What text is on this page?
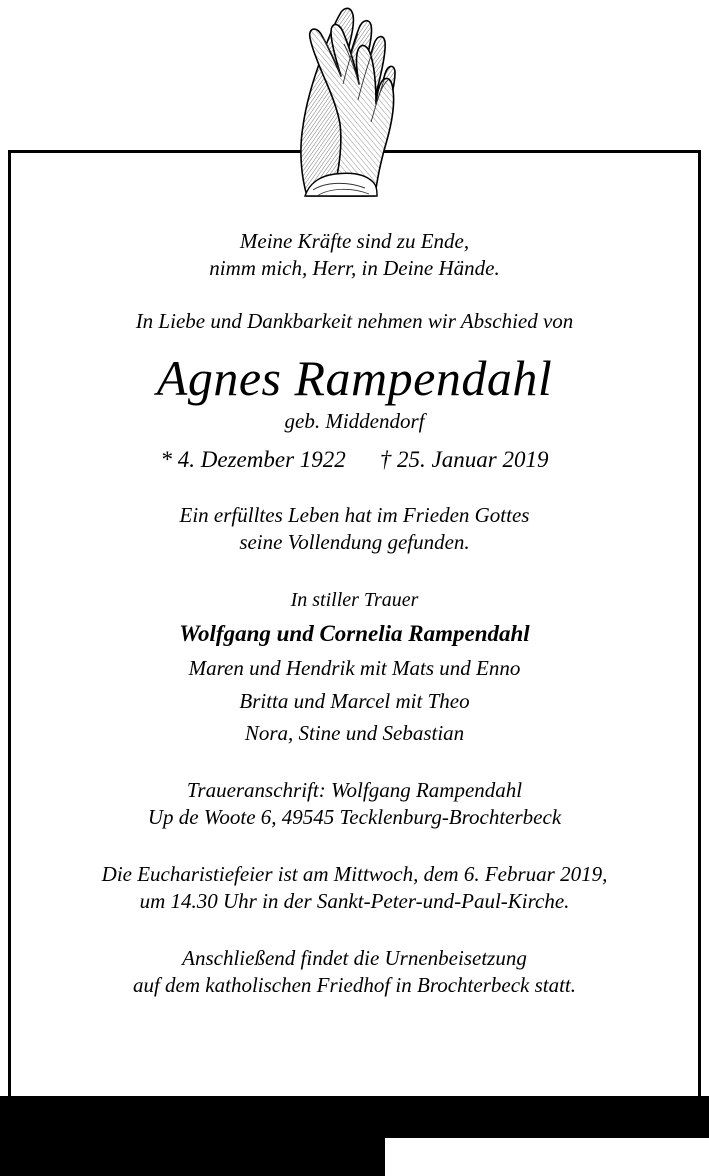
Meine Kräfte sind zu Ende,
nimm mich, Herr, in Deine Hände.
In Liebe und Dankbarkeit nehmen wir Abschied von
Agnes Rampendahl
geb. Middendorf
* 4. Dezember 1922 † 25. Januar 2019
Ein erfülltes Leben hat im Frieden Gottes
seine Vollendung gefunden.
In stiller Trauer
Wolfgang und Cornelia Rampendahl
Maren und Hendrik mit Mats und Enno
Britta und Marcel mit Theo
Nora, Stine und Sebastian
Traueranschrift: Wolfgang Rampendahl
Up de Woote 6, 49545 Tecklenburg-Brochterbeck
Die Eucharistiefeier ist am Mittwoch, dem 6. Februar 2019,
um 14.30 Uhr in der Sankt-Peter-und-Paul-Kirche.
Anschließend findet die Urnenbeisetzung
auf dem katholischen Friedhof in Brochterbeck statt.
